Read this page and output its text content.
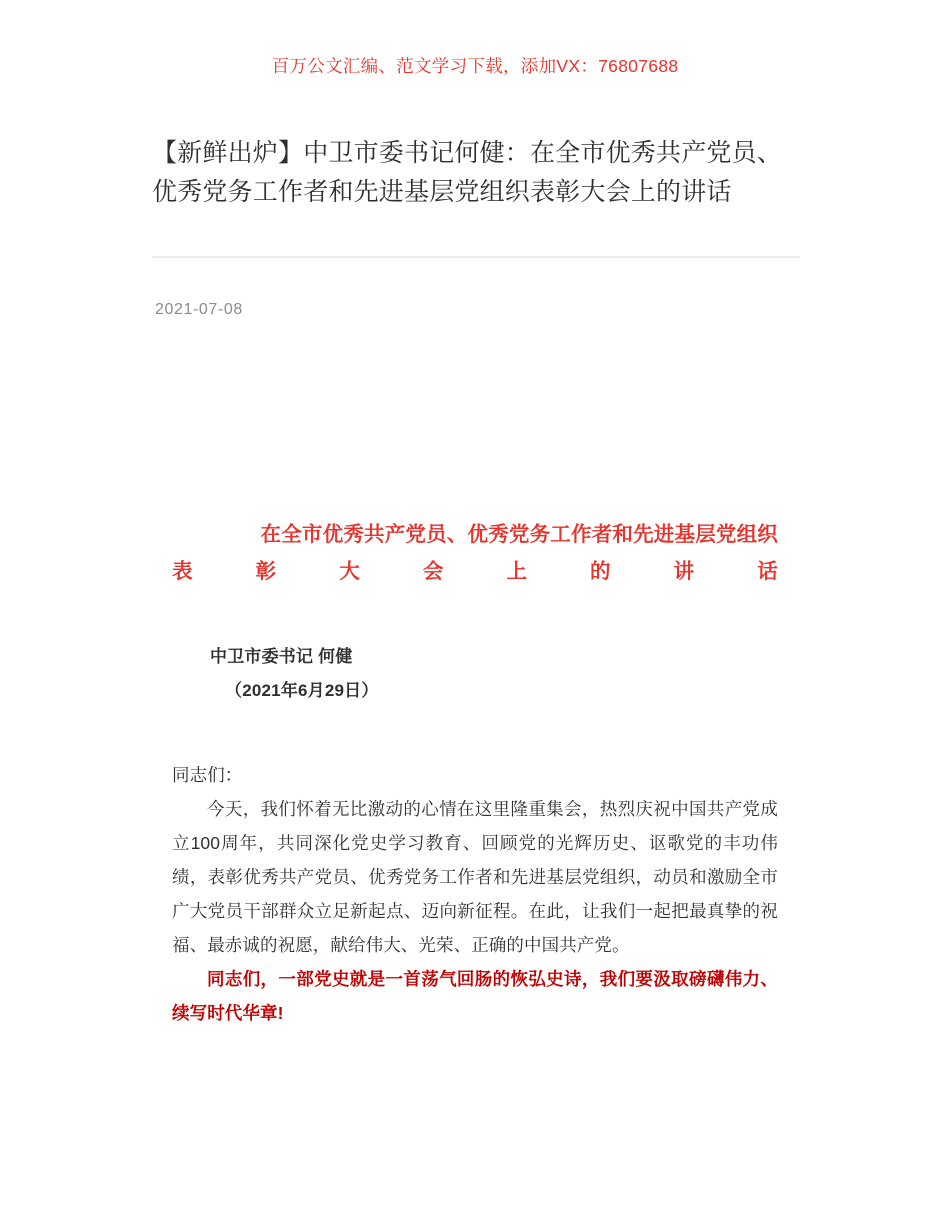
百万公文汇编、范文学习下载，添加VX：76807688
【新鲜出炉】中卫市委书记何健：在全市优秀共产党员、优秀党务工作者和先进基层党组织表彰大会上的讲话
2021-07-08
在全市优秀共产党员、优秀党务工作者和先进基层党组织
表	彰	大	会	上	的	讲	话

中卫市委书记 何健

（2021年6月29日）

同志们：

今天，我们怀着无比激动的心情在这里隆重集会，热烈庆祝中国共产党成立100周年，共同深化党史学习教育、回顾党的光辉历史、讴歌党的丰功伟绩，表彰优秀共产党员、优秀党务工作者和先进基层党组织，动员和激励全市广大党员干部群众立足新起点、迈向新征程。在此，让我们一起把最真挚的祝福、最赤诚的祝愿，献给伟大、光荣、正确的中国共产党。

同志们，一部党史就是一首荡气回肠的恢弘史诗，我们要汲取磅礴伟力、续写时代华章!
